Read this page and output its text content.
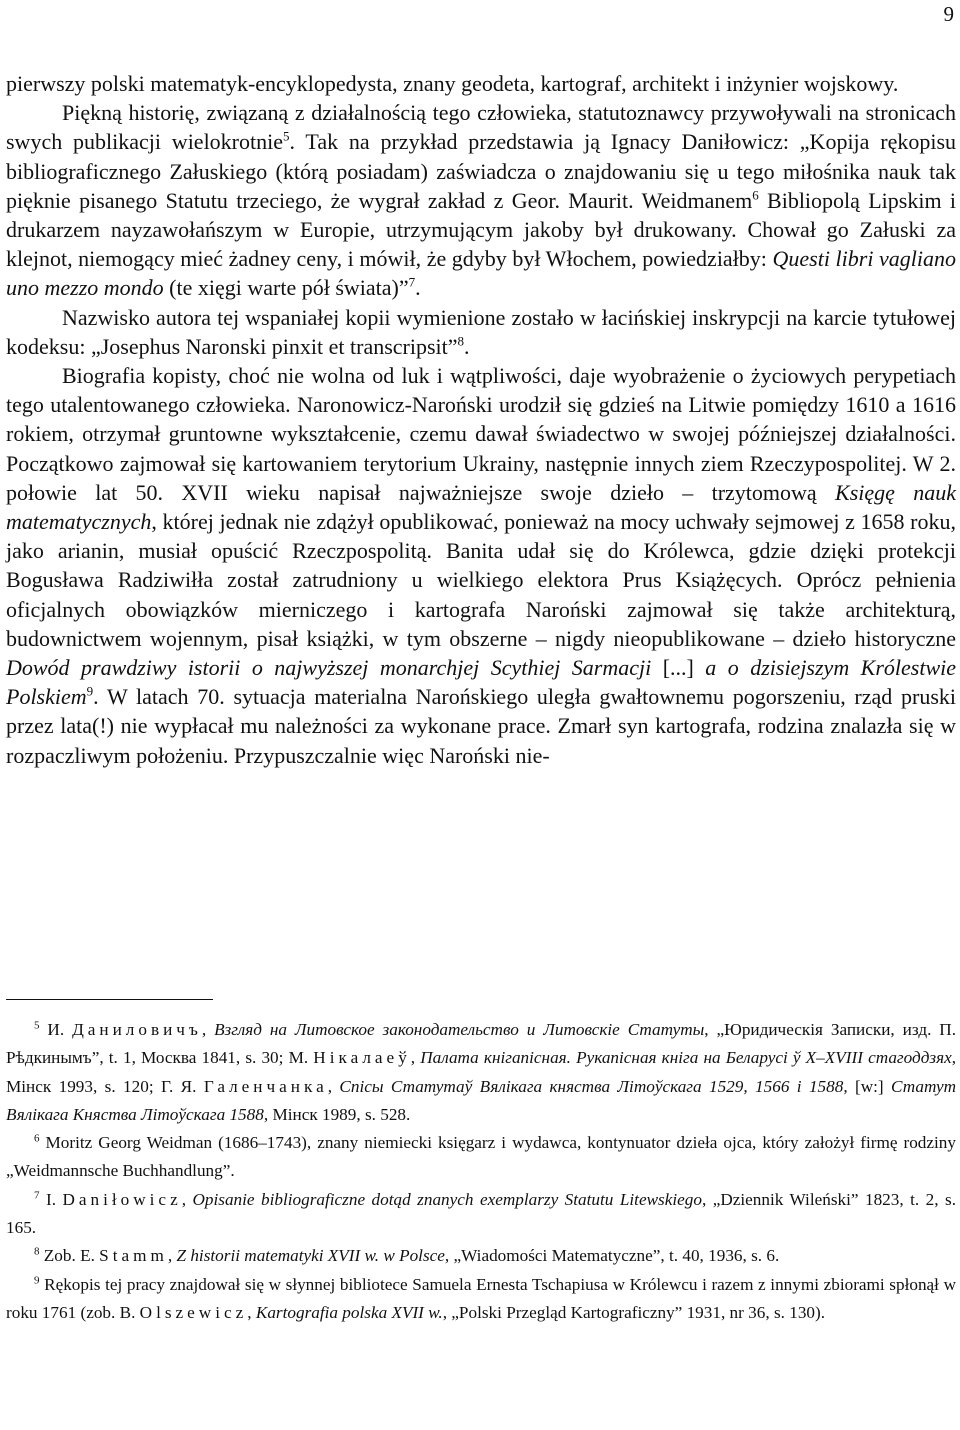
9

pierwszy polski matematyk-encyklopedysta, znany geodeta, kartograf, architekt i inżynier wojskowy.

Piękną historię, związaną z działalnością tego człowieka, statutoznawcy przywoływali na stronicach swych publikacji wielokrotnie$^5$. Tak na przykład przedstawia ją Ignacy Daniłowicz: „Kopija rękopisu bibliograficznego Załuskiego (którą posiadam) zaświadcza o znajdowaniu się u tego miłośnika nauk tak pięknie pisanego Statutu trzeciego, że wygrał zakład z Geor. Maurit. Weidmanem$^6$ Bibliopolą Lipskim i drukarzem nayzawołańszym w Europie, utrzymującym jakoby był drukowany. Chował go Załuski za klejnot, niemogący mieć żadney ceny, i mówił, że gdyby był Włochem, powiedziałby: Questi libri vagliano uno mezzo mondo (te xięgi warte pół świata)”$^7$.

Nazwisko autora tej wspaniałej kopii wymienione zostało w łacińskiej inskrypcji na karcie tytułowej kodeksu: „Josephus Naronski pinxit et transcripsit”$^8$.

Biografia kopisty, choć nie wolna od luk i wątpliwości, daje wyobrażenie o życiowych perypetiach tego utalentowanego człowieka. Naronowicz-Naroński urodził się gdzieś na Litwie pomiędzy 1610 a 1616 rokiem, otrzymał gruntowne wykształcenie, czemu dawał świadectwo w swojej późniejszej działalności. Początkowo zajmował się kartowaniem terytorium Ukrainy, następnie innych ziem Rzeczypospolitej. W 2. połowie lat 50. XVII wieku napisał najważniejsze swoje dzieło – trzytomową Księgę nauk matematycznych, której jednak nie zdążył opublikować, ponieważ na mocy uchwały sejmowej z 1658 roku, jako arianin, musiał opuścić Rzeczpospolitą. Banita udał się do Królewca, gdzie dzięki protekcji Bogusława Radziwiłła został zatrudniony u wielkiego elektora Prus Książęcych. Oprócz pełnienia oficjalnych obowiązków mierniczego i kartografa Naroński zajmował się także architekturą, budownictwem wojennym, pisał książki, w tym obszerne – nigdy nieopublikowane – dzieło historyczne Dowód prawdziwy istorii o najwyższej monarchjej Scythiej Sarmacji [...] a o dzisiejszym Królestwie Polskiem$^9$. W latach 70. sytuacja materialna Narońskiego uległa gwałtownemu pogorszeniu, rząd pruski przez lata(!) nie wypłacał mu należności za wykonane prace. Zmarł syn kartografa, rodzina znalazła się w rozpaczliwym położeniu. Przypuszczalnie więc Naroński nie-

$^5$ И. Даниловичъ, Взгляд на Литовское законодательство и Литовскіе Статуты, „Юридическія Записки, изд. П. Рѣдкинымъ”, t. 1, Москва 1841, s. 30; М. Нікалаеў, Палата кнігапісная. Рукапісная кніга на Беларусі ў X–XVIII стагоддзях, Мінск 1993, s. 120; Г. Я. Галенчанка, Спісы Статутаў Вялікага княства Літоўскага 1529, 1566 і 1588, [w:] Статут Вялікага Княства Літоўскага 1588, Мінск 1989, s. 528.

$^6$ Moritz Georg Weidman (1686–1743), znany niemiecki księgarz i wydawca, kontynuator dzieła ojca, który założył firmę rodziny „Weidmannsche Buchhandlung”.

$^7$ I. Daniłowicz, Opisanie bibliograficzne dotąd znanych exemplarzy Statutu Litewskiego, „Dziennik Wileński” 1823, t. 2, s. 165.

$^8$ Zob. E. Stamm, Z historii matematyki XVII w. w Polsce, „Wiadomości Matematyczne”, t. 40, 1936, s. 6.

$^9$ Rękopis tej pracy znajdował się w słynnej bibliotece Samuela Ernesta Tschapiusa w Królewcu i razem z innymi zbiorami spłonął w roku 1761 (zob. B. Olszewicz, Kartografia polska XVII w., „Polski Przegląd Kartograficzny” 1931, nr 36, s. 130).
